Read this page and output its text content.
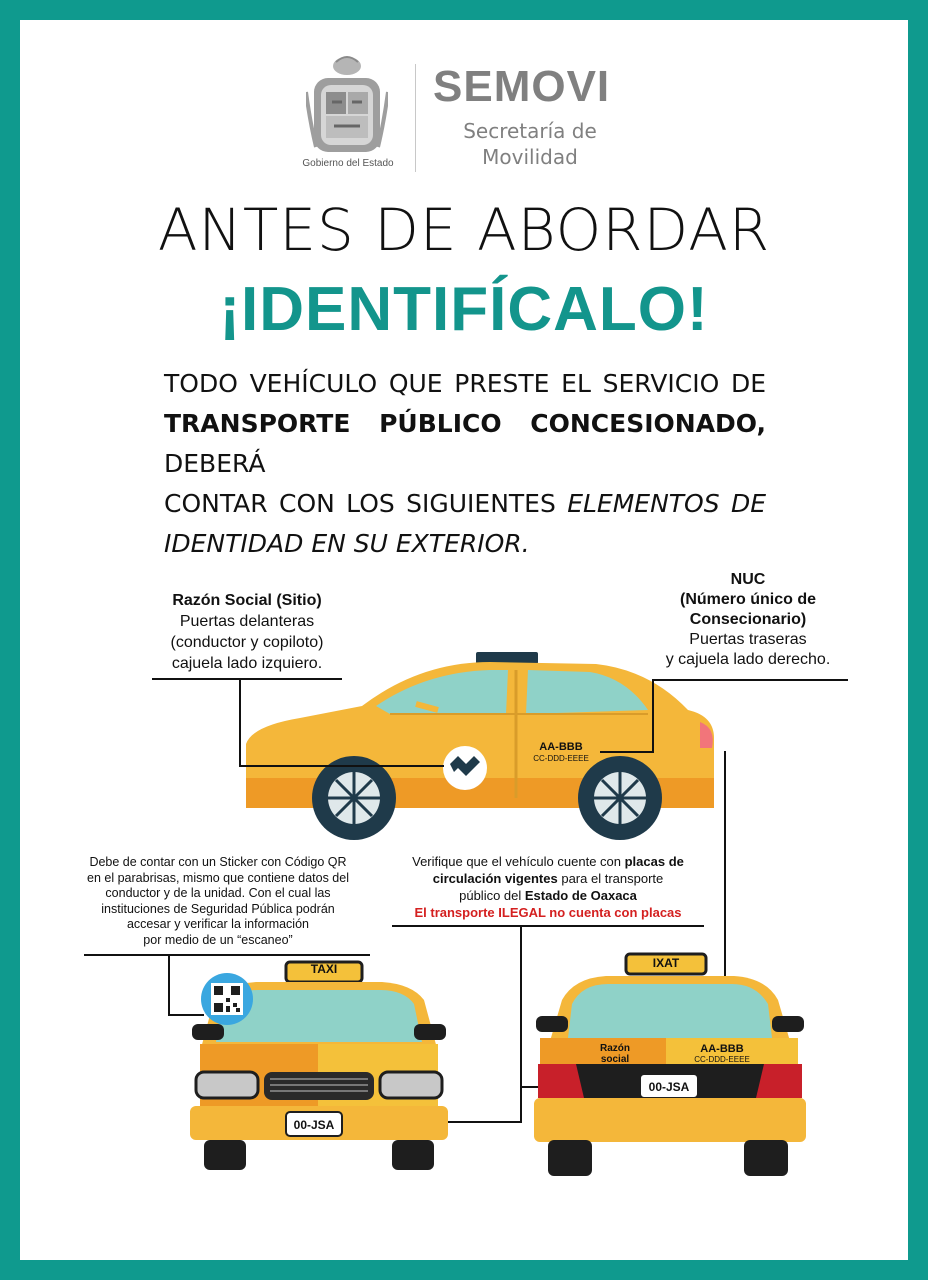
Gobierno del Estado
SEMOVI
Secretaría de
Movilidad
ANTES DE ABORDAR
¡IDENTIFÍCALO!
TODO VEHÍCULO QUE PRESTE EL SERVICIO DE
TRANSPORTE PÚBLICO CONCESIONADO, DEBERÁ
CONTAR CON LOS SIGUIENTES ELEMENTOS DE
IDENTIDAD EN SU EXTERIOR.
Razón Social (Sitio)
Puertas delanteras
(conductor y copiloto)
cajuela lado izquiero.
NUC
(Número único de
Consecionario)
Puertas traseras
y cajuela lado derecho.
AA-BBB
CC-DDD-EEEE
Debe de contar con un Sticker con Código QR
en el parabrisas, mismo que contiene datos del
conductor y de la unidad. Con el cual las
instituciones de Seguridad Pública podrán
accesar y verificar la información
por medio de un “escaneo”
Verifique que el vehículo cuente con placas de
circulación vigentes para el transporte
público del Estado de Oaxaca
El transporte ILEGAL no cuenta con placas
TAXI
00-JSA
IXAT
Razón
social
AA-BBB
CC-DDD-EEEE
00-JSA
